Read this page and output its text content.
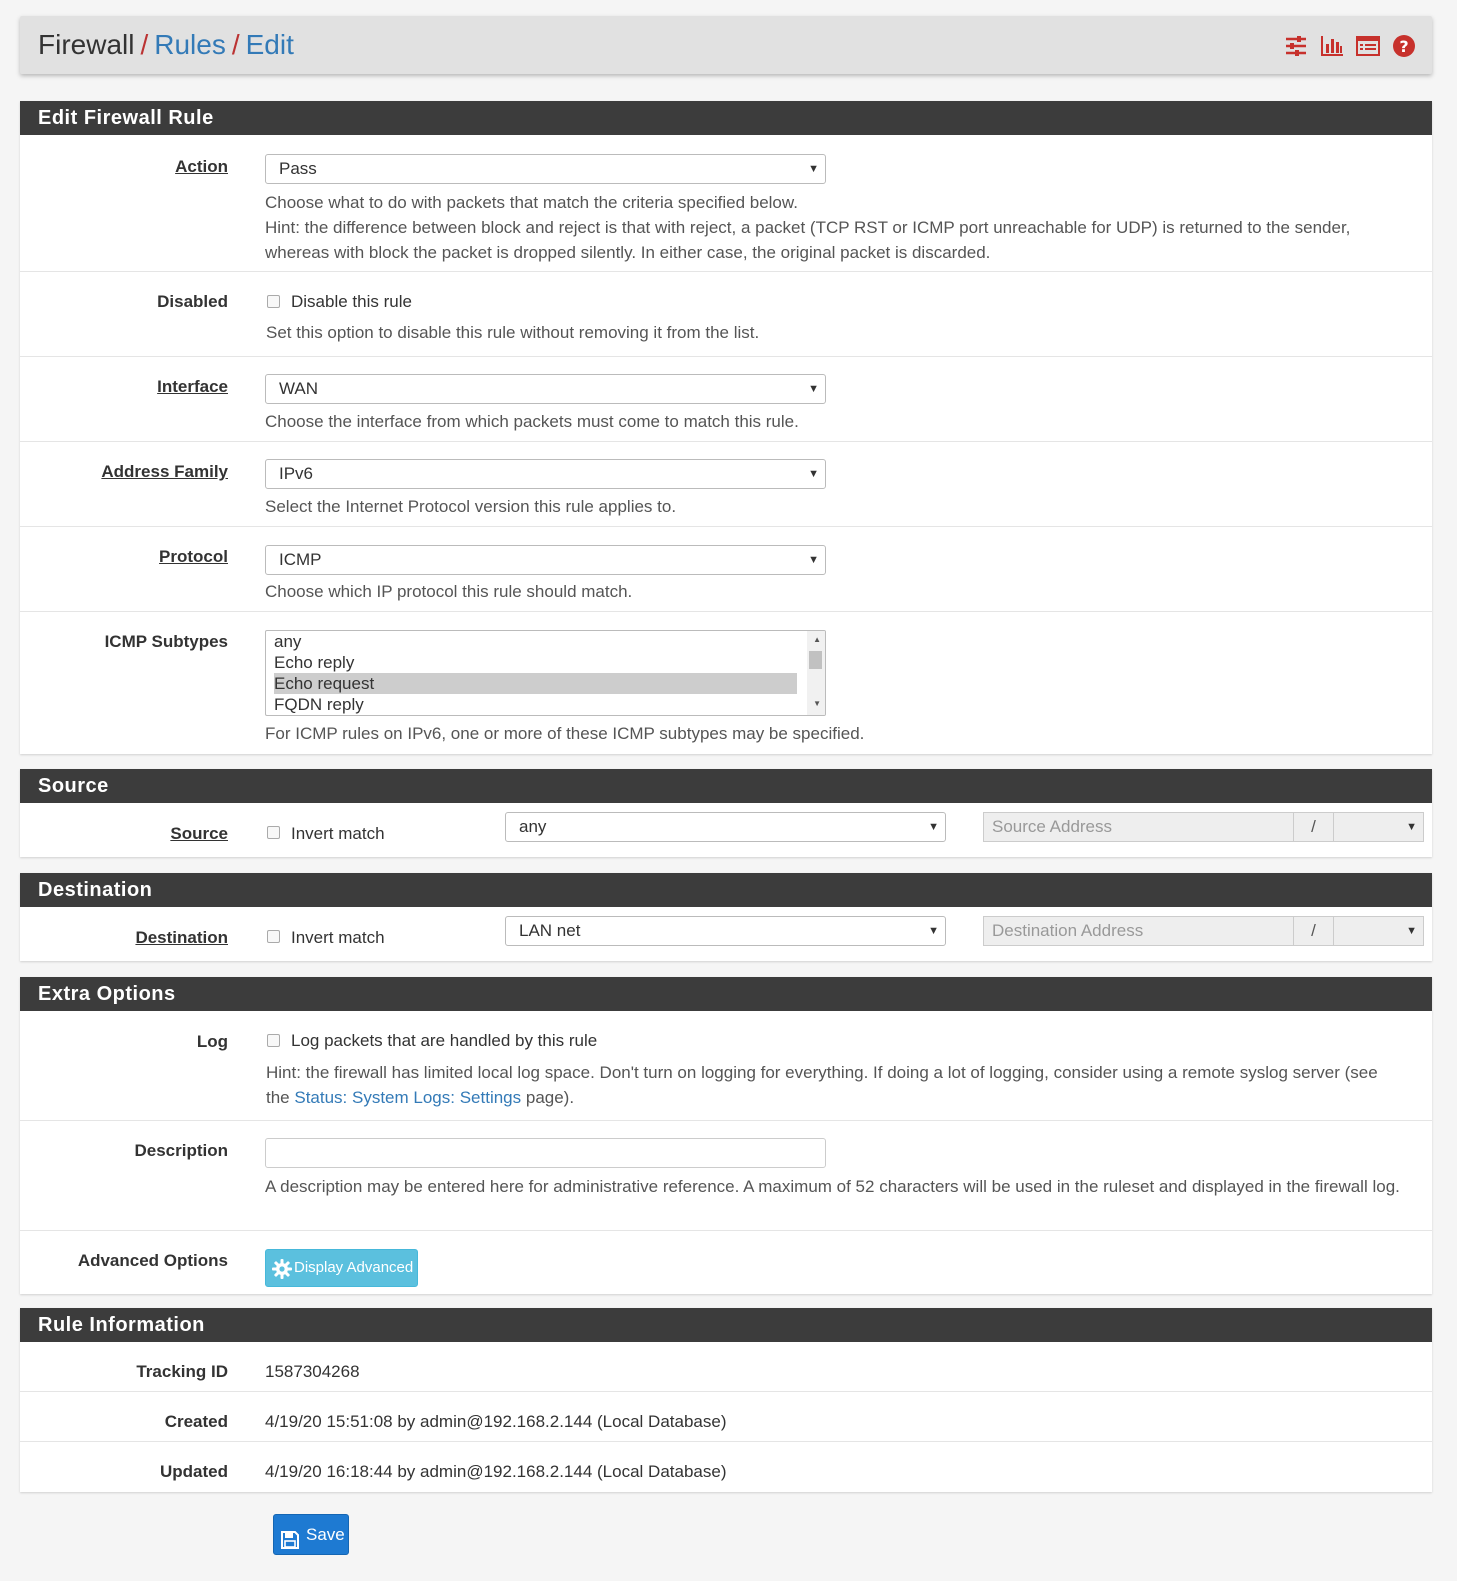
Firewall / Rules / Edit	?
Edit Firewall Rule
Action	Pass	▼
Choose what to do with packets that match the criteria specified below.
Hint: the difference between block and reject is that with reject, a packet (TCP RST or ICMP port unreachable for UDP) is returned to the sender, whereas with block the packet is dropped silently. In either case, the original packet is discarded.
Disabled	Disable this rule
Set this option to disable this rule without removing it from the list.
Interface	WAN	▼
Choose the interface from which packets must come to match this rule.
Address Family	IPv6	▼
Select the Internet Protocol version this rule applies to.
Protocol	ICMP	▼
Choose which IP protocol this rule should match.
ICMP Subtypes	any
Echo reply
Echo request
FQDN reply
▲
▼
For ICMP rules on IPv6, one or more of these ICMP subtypes may be specified.
Source
Source	Invert match	any	▼	Source Address	/	▼
Destination
Destination	Invert match	LAN net	▼	Destination Address	/	▼
Extra Options
Log	Log packets that are handled by this rule
Hint: the firewall has limited local log space. Don't turn on logging for everything. If doing a lot of logging, consider using a remote syslog server (see the Status: System Logs: Settings page).
Description
A description may be entered here for administrative reference. A maximum of 52 characters will be used in the ruleset and displayed in the firewall log.
Advanced Options	Display Advanced
Rule Information
Tracking ID 1587304268
Created 4/19/20 15:51:08 by admin@192.168.2.144 (Local Database)
Updated 4/19/20 16:18:44 by admin@192.168.2.144 (Local Database)
Save
